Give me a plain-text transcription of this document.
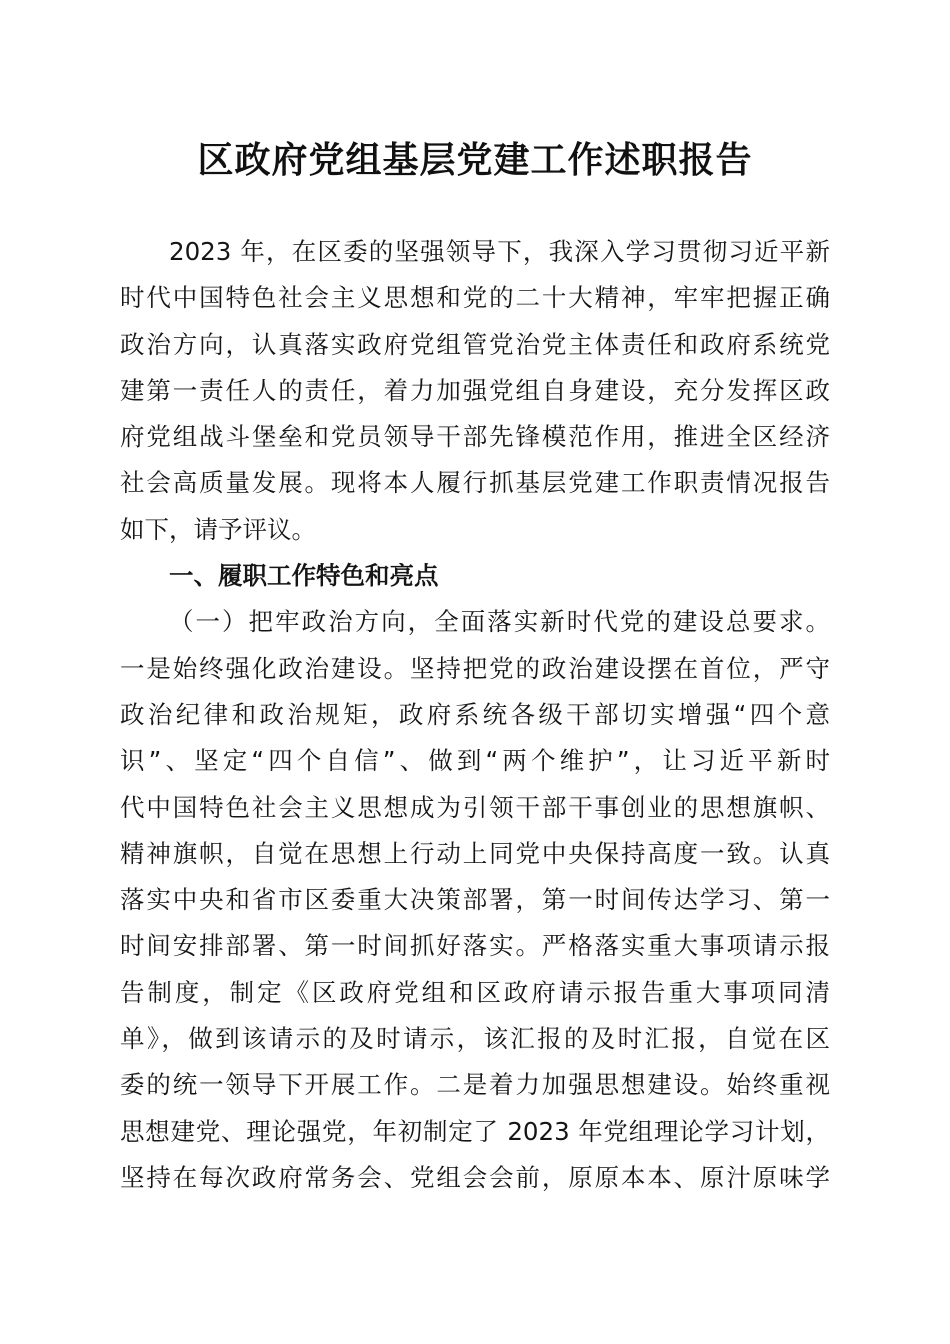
区政府党组基层党建工作述职报告
2023 年，在区委的坚强领导下，我深入学习贯彻习近平新
时代中国特色社会主义思想和党的二十大精神，牢牢把握正确
政治方向，认真落实政府党组管党治党主体责任和政府系统党
建第一责任人的责任，着力加强党组自身建设，充分发挥区政
府党组战斗堡垒和党员领导干部先锋模范作用，推进全区经济
社会高质量发展。现将本人履行抓基层党建工作职责情况报告
如下，请予评议。
一、履职工作特色和亮点
（一）把牢政治方向，全面落实新时代党的建设总要求。
一是始终强化政治建设。坚持把党的政治建设摆在首位，严守
政治纪律和政治规矩，政府系统各级干部切实增强“四个意
识”、坚定“四个自信”、做到“两个维护”，让习近平新时
代中国特色社会主义思想成为引领干部干事创业的思想旗帜、
精神旗帜，自觉在思想上行动上同党中央保持高度一致。认真
落实中央和省市区委重大决策部署，第一时间传达学习、第一
时间安排部署、第一时间抓好落实。严格落实重大事项请示报
告制度，制定《区政府党组和区政府请示报告重大事项同清
单》，做到该请示的及时请示，该汇报的及时汇报，自觉在区
委的统一领导下开展工作。二是着力加强思想建设。始终重视
思想建党、理论强党，年初制定了 2023 年党组理论学习计划，
坚持在每次政府常务会、党组会会前，原原本本、原汁原味学
